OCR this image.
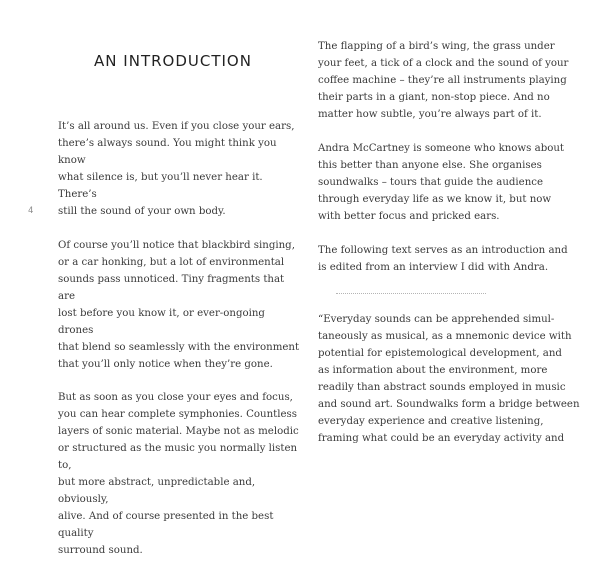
AN INTRODUCTION
4

It’s all around us. Even if you close your ears,
there’s always sound. You might think you know
what silence is, but you’ll never hear it. There’s
still the sound of your own body.

Of course you’ll notice that blackbird singing,
or a car honking, but a lot of environmental
sounds pass unnoticed. Tiny fragments that are
lost before you know it, or ever-ongoing drones
that blend so seamlessly with the environment
that you’ll only notice when they’re gone.

But as soon as you close your eyes and focus,
you can hear complete symphonies. Countless
layers of sonic material. Maybe not as melodic
or structured as the music you normally listen to,
but more abstract, unpredictable and, obviously,
alive. And of course presented in the best quality
surround sound.

The flapping of a bird’s wing, the grass under
your feet, a tick of a clock and the sound of your
coffee machine – they’re all instruments playing
their parts in a giant, non-stop piece. And no
matter how subtle, you’re always part of it.

Andra McCartney is someone who knows about
this better than anyone else. She organises
soundwalks – tours that guide the audience
through everyday life as we know it, but now
with better focus and pricked ears.

The following text serves as an introduction and
is edited from an interview I did with Andra.

“Everyday sounds can be apprehended simul-
taneously as musical, as a mnemonic device with
potential for epistemological development, and
as information about the environment, more
readily than abstract sounds employed in music
and sound art. Soundwalks form a bridge between
everyday experience and creative listening,
framing what could be an everyday activity and
